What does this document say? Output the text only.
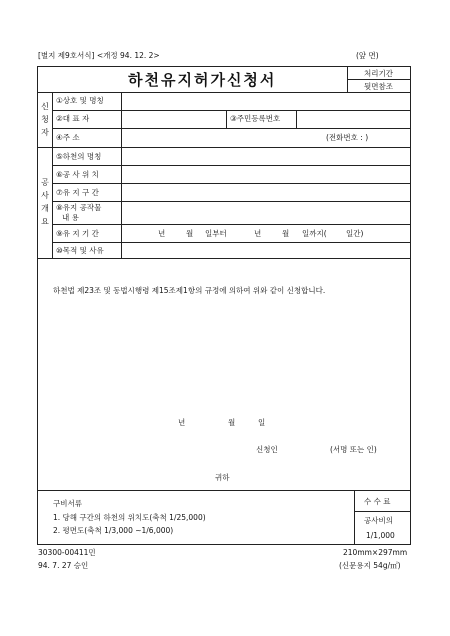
[별지 제9호서식] <개정 94. 12. 2>	(앞 면)
하천유지허가신청서	처리기간
뒷면참조
신
청
자
①상호 및 명칭
②대 표 자	③주민등록번호
④주 소	(전화번호 : )
공
사
개
요
⑤하천의 명칭
⑥공 사 위 치
⑦유 지 구 간
⑧유지 공작물
내 용
⑨유 지 기 간	년	월 일부터	년	월 일까지(	일간)
⑩목적 및 사유
하천법 제23조 및 동법시행령 제15조제1항의 규정에 의하여 위와 같이 신청합니다.
년	월	일
신청인	(서명 또는 인)
귀하
구비서류
1. 당해 구간의 하천의 위치도(축척 1/25,000)
2. 평면도(축척 1/3,000 ~1/6,000)
수 수 료
공사비의
1/1,000
30300-00411민
94. 7. 27 승인
210mm×297mm
(신문용지 54g/㎡)
